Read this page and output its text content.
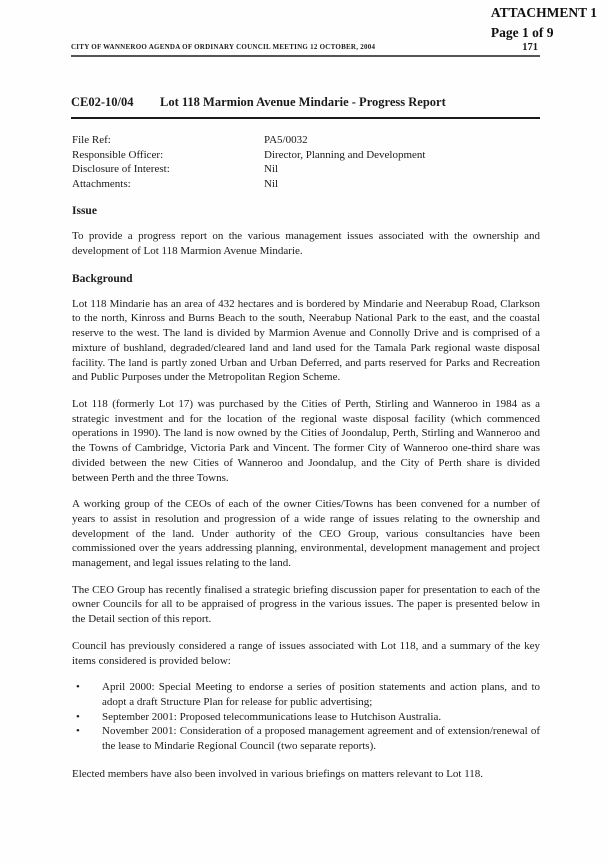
ATTACHMENT 1
Page 1 of 9
CITY OF WANNEROO AGENDA OF ORDINARY COUNCIL MEETING 12 OCTOBER, 2004	171
CE02-10/04 Lot 118 Marmion Avenue Mindarie - Progress Report
File Ref:	PA5/0032
Responsible Officer:	Director, Planning and Development
Disclosure of Interest:	Nil
Attachments:	Nil
Issue
To provide a progress report on the various management issues associated with the ownership and development of Lot 118 Marmion Avenue Mindarie.
Background
Lot 118 Mindarie has an area of 432 hectares and is bordered by Mindarie and Neerabup Road, Clarkson to the north, Kinross and Burns Beach to the south, Neerabup National Park to the east, and the coastal reserve to the west. The land is divided by Marmion Avenue and Connolly Drive and is comprised of a mixture of bushland, degraded/cleared land and land used for the Tamala Park regional waste disposal facility. The land is partly zoned Urban and Urban Deferred, and parts reserved for Parks and Recreation and Public Purposes under the Metropolitan Region Scheme.
Lot 118 (formerly Lot 17) was purchased by the Cities of Perth, Stirling and Wanneroo in 1984 as a strategic investment and for the location of the regional waste disposal facility (which commenced operations in 1990). The land is now owned by the Cities of Joondalup, Perth, Stirling and Wanneroo and the Towns of Cambridge, Victoria Park and Vincent. The former City of Wanneroo one-third share was divided between the new Cities of Wanneroo and Joondalup, and the City of Perth share is divided between Perth and the three Towns.
A working group of the CEOs of each of the owner Cities/Towns has been convened for a number of years to assist in resolution and progression of a wide range of issues relating to the ownership and development of the land. Under authority of the CEO Group, various consultancies have been commissioned over the years addressing planning, environmental, development management and project management, and legal issues relating to the land.
The CEO Group has recently finalised a strategic briefing discussion paper for presentation to each of the owner Councils for all to be appraised of progress in the various issues. The paper is presented below in the Detail section of this report.
Council has previously considered a range of issues associated with Lot 118, and a summary of the key items considered is provided below:
• April 2000: Special Meeting to endorse a series of position statements and action plans, and to adopt a draft Structure Plan for release for public advertising;
• September 2001: Proposed telecommunications lease to Hutchison Australia.
• November 2001: Consideration of a proposed management agreement and of extension/renewal of the lease to Mindarie Regional Council (two separate reports).
Elected members have also been involved in various briefings on matters relevant to Lot 118.
